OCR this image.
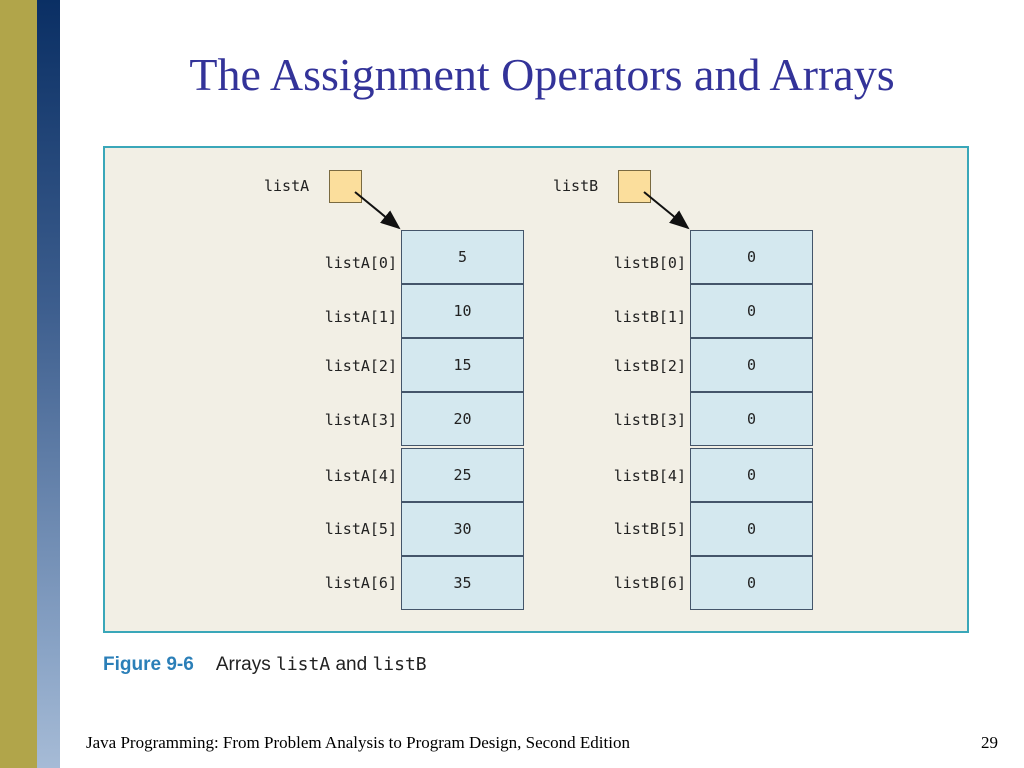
The Assignment Operators and Arrays
listA	listB
listA[0]
listA[1]
listA[2]
listA[3]
listA[4]
listA[5]
listA[6]
5
10
15
20
25
30
35
listB[0]
listB[1]
listB[2]
listB[3]
listB[4]
listB[5]
listB[6]
0
0
0
0
0
0
0
Figure 9-6 Arrays listA and listB
Java Programming: From Problem Analysis to Program Design, Second Edition	29
